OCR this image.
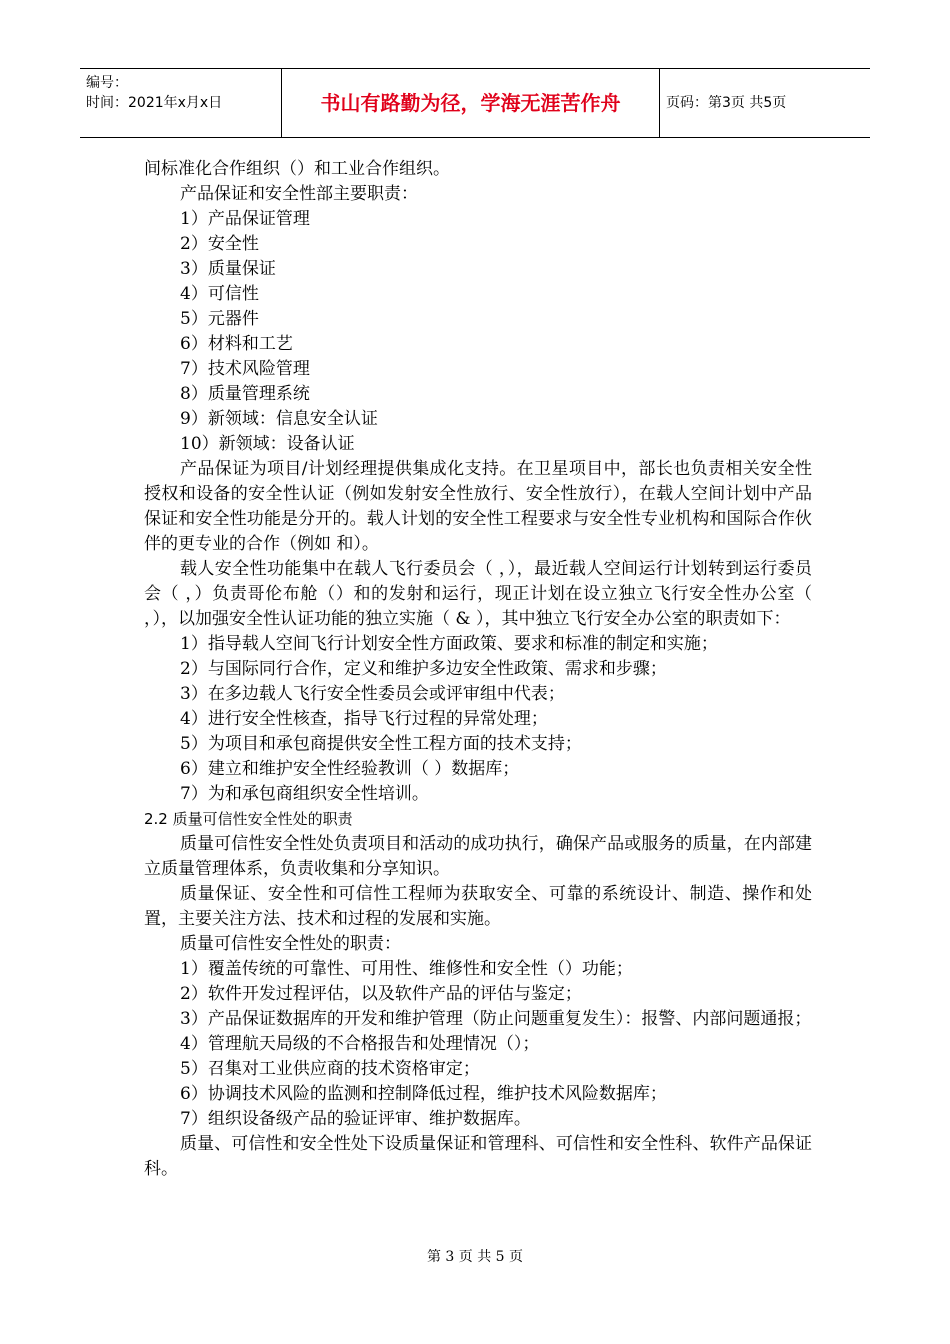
编号：
时间：2021年x月x日	书山有路勤为径，学海无涯苦作舟	页码：第3页 共5页
间标准化合作组织（）和工业合作组织。
产品保证和安全性部主要职责：
1）产品保证管理
2）安全性
3）质量保证
4）可信性
5）元器件
6）材料和工艺
7）技术风险管理
8）质量管理系统
9）新领域：信息安全认证
10）新领域：设备认证
产品保证为项目/计划经理提供集成化支持。在卫星项目中，部长也负责相关安全性授权和设备的安全性认证（例如发射安全性放行、安全性放行），在载人空间计划中产品保证和安全性功能是分开的。载人计划的安全性工程要求与安全性专业机构和国际合作伙伴的更专业的合作（例如 和）。
载人安全性功能集中在载人飞行委员会（ ，），最近载人空间运行计划转到运行委员会（ ，）负责哥伦布舱（）和的发射和运行，现正计划在设立独立飞行安全性办公室（ ，），以加强安全性认证功能的独立实施（ & ），其中独立飞行安全办公室的职责如下：
1）指导载人空间飞行计划安全性方面政策、要求和标准的制定和实施；
2）与国际同行合作，定义和维护多边安全性政策、需求和步骤；
3）在多边载人飞行安全性委员会或评审组中代表；
4）进行安全性核查，指导飞行过程的异常处理；
5）为项目和承包商提供安全性工程方面的技术支持；
6）建立和维护安全性经验教训（ ）数据库；
7）为和承包商组织安全性培训。
2.2 质量可信性安全性处的职责
质量可信性安全性处负责项目和活动的成功执行，确保产品或服务的质量，在内部建立质量管理体系，负责收集和分享知识。
质量保证、安全性和可信性工程师为获取安全、可靠的系统设计、制造、操作和处置，主要关注方法、技术和过程的发展和实施。
质量可信性安全性处的职责：
1）覆盖传统的可靠性、可用性、维修性和安全性（）功能；
2）软件开发过程评估，以及软件产品的评估与鉴定；
3）产品保证数据库的开发和维护管理（防止问题重复发生）：报警、内部问题通报；
4）管理航天局级的不合格报告和处理情况（）；
5）召集对工业供应商的技术资格审定；
6）协调技术风险的监测和控制降低过程，维护技术风险数据库；
7）组织设备级产品的验证评审、维护数据库。
质量、可信性和安全性处下设质量保证和管理科、可信性和安全性科、软件产品保证科。
第 3 页 共 5 页
